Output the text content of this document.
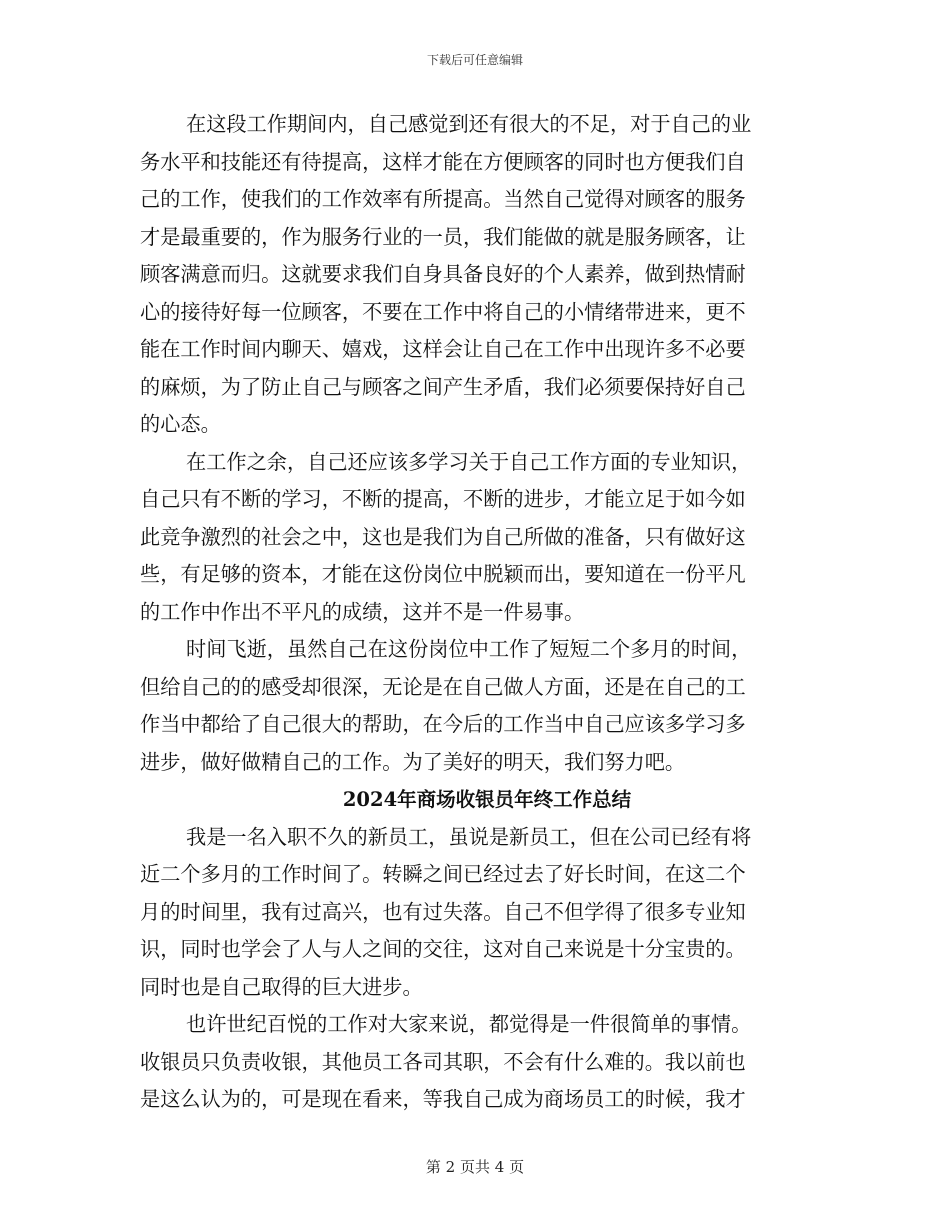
下载后可任意编辑
在这段工作期间内，自己感觉到还有很大的不足，对于自己的业
务水平和技能还有待提高，这样才能在方便顾客的同时也方便我们自
己的工作，使我们的工作效率有所提高。当然自己觉得对顾客的服务
才是最重要的，作为服务行业的一员，我们能做的就是服务顾客，让
顾客满意而归。这就要求我们自身具备良好的个人素养，做到热情耐
心的接待好每一位顾客，不要在工作中将自己的小情绪带进来，更不
能在工作时间内聊天、嬉戏，这样会让自己在工作中出现许多不必要
的麻烦，为了防止自己与顾客之间产生矛盾，我们必须要保持好自己
的心态。
在工作之余，自己还应该多学习关于自己工作方面的专业知识，
自己只有不断的学习，不断的提高，不断的进步，才能立足于如今如
此竞争激烈的社会之中，这也是我们为自己所做的准备，只有做好这
些，有足够的资本，才能在这份岗位中脱颖而出，要知道在一份平凡
的工作中作出不平凡的成绩，这并不是一件易事。
时间飞逝，虽然自己在这份岗位中工作了短短二个多月的时间，
但给自己的的感受却很深，无论是在自己做人方面，还是在自己的工
作当中都给了自己很大的帮助，在今后的工作当中自己应该多学习多
进步，做好做精自己的工作。为了美好的明天，我们努力吧。
2024年商场收银员年终工作总结
我是一名入职不久的新员工，虽说是新员工，但在公司已经有将
近二个多月的工作时间了。转瞬之间已经过去了好长时间，在这二个
月的时间里，我有过高兴，也有过失落。自己不但学得了很多专业知
识，同时也学会了人与人之间的交往，这对自己来说是十分宝贵的。
同时也是自己取得的巨大进步。
也许世纪百悦的工作对大家来说，都觉得是一件很简单的事情。
收银员只负责收银，其他员工各司其职，不会有什么难的。我以前也
是这么认为的，可是现在看来，等我自己成为商场员工的时候，我才
第 2 页共 4 页
